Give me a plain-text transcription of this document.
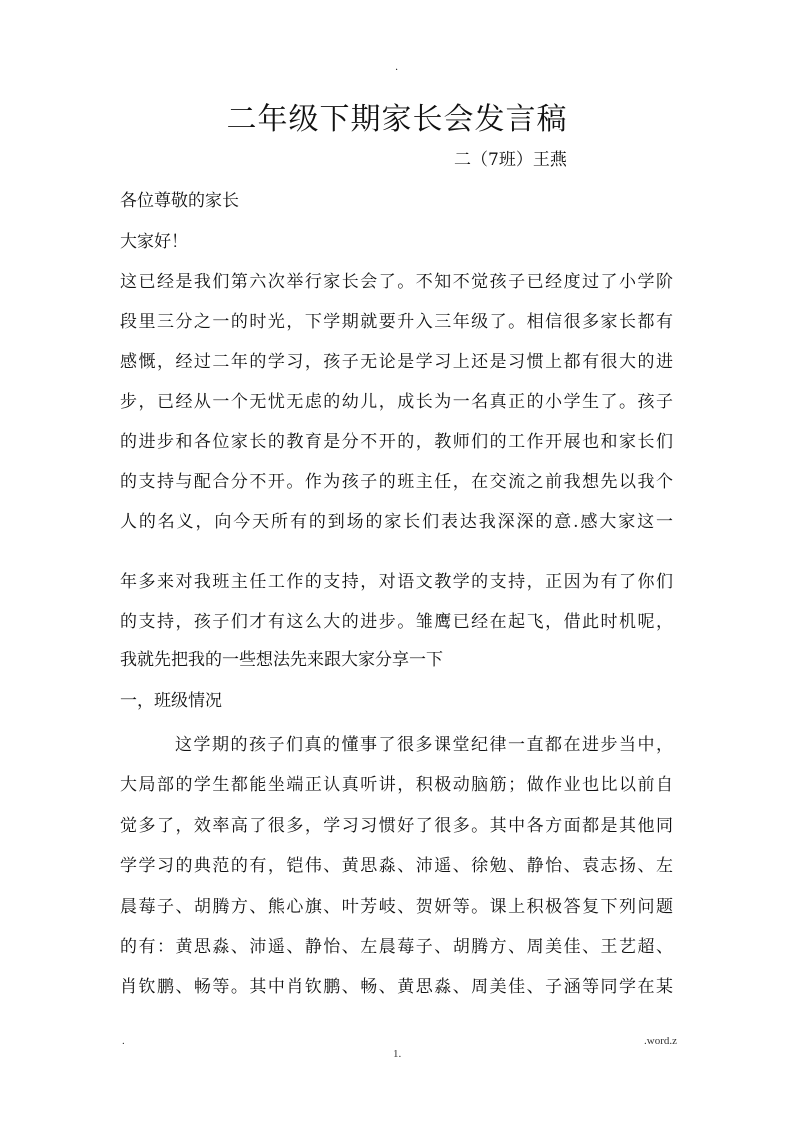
.
二年级下期家长会发言稿
二（7班）王燕
各位尊敬的家长
大家好！
这已经是我们第六次举行家长会了。不知不觉孩子已经度过了小学阶
段里三分之一的时光，下学期就要升入三年级了。相信很多家长都有
感慨，经过二年的学习，孩子无论是学习上还是习惯上都有很大的进
步，已经从一个无忧无虑的幼儿，成长为一名真正的小学生了。孩子
的进步和各位家长的教育是分不开的，教师们的工作开展也和家长们
的支持与配合分不开。作为孩子的班主任，在交流之前我想先以我个
人的名义，向今天所有的到场的家长们表达我深深的意.感大家这一
年多来对我班主任工作的支持，对语文教学的支持，正因为有了你们
的支持，孩子们才有这么大的进步。雏鹰已经在起飞，借此时机呢，
我就先把我的一些想法先来跟大家分享一下
一，班级情况
这学期的孩子们真的懂事了很多课堂纪律一直都在进步当中，
大局部的学生都能坐端正认真听讲，积极动脑筋；做作业也比以前自
觉多了，效率高了很多，学习习惯好了很多。其中各方面都是其他同
学学习的典范的有，铠伟、黄思淼、沛遥、徐勉、静怡、袁志扬、左
晨莓子、胡腾方、熊心旗、叶芳岐、贺妍等。课上积极答复下列问题
的有：黄思淼、沛遥、静怡、左晨莓子、胡腾方、周美佳、王艺超、
肖钦鹏、畅等。其中肖钦鹏、畅、黄思淼、周美佳、子涵等同学在某
.	.word.z
1.
